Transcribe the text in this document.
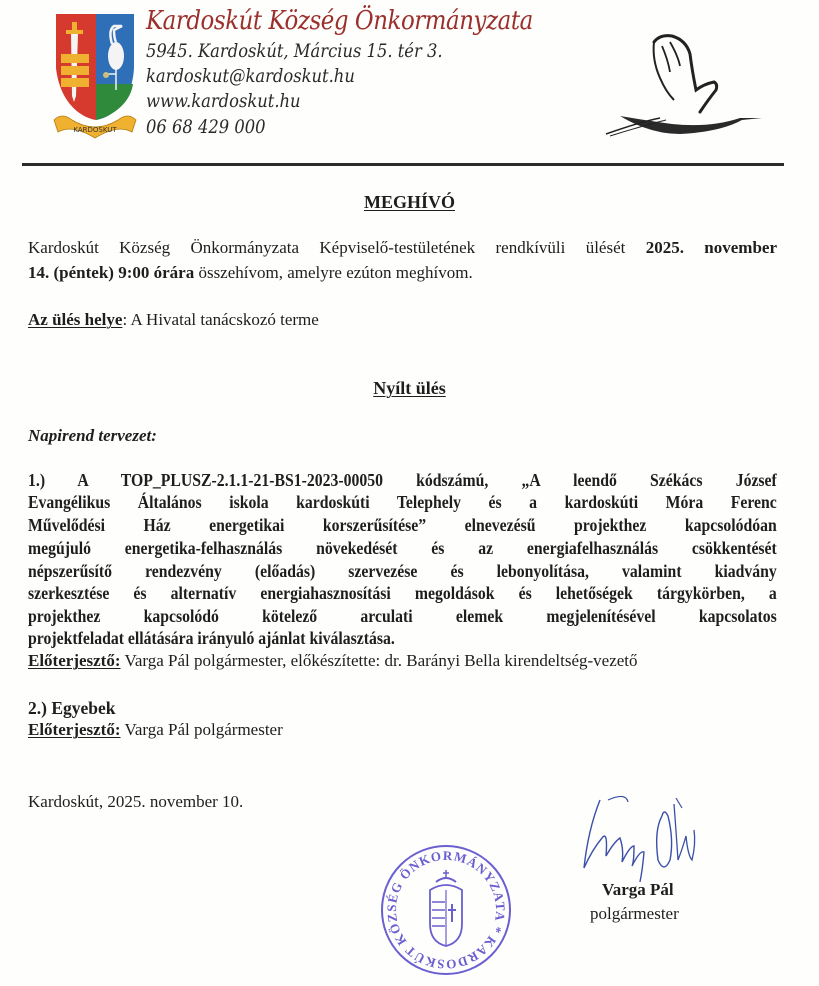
KARDOSKUT
Kardoskút Község Önkormányzata
5945. Kardoskút, Március 15. tér 3.
kardoskut@kardoskut.hu
www.kardoskut.hu
06 68 429 000
MEGHÍVÓ
Kardoskút Község Önkormányzata Képviselő-testületének rendkívüli ülését 2025. november
14. (péntek) 9:00 órára összehívom, amelyre ezúton meghívom.
Az ülés helye: A Hivatal tanácskozó terme
Nyílt ülés
Napirend tervezet:
1.) A TOP_PLUSZ-2.1.1-21-BS1-2023-00050 kódszámú, „A leendő Székács József
Evangélikus Általános iskola kardoskúti Telephely és a kardoskúti Móra Ferenc
Művelődési Ház energetikai korszerűsítése” elnevezésű projekthez kapcsolódóan
megújuló energetika-felhasználás növekedését és az energiafelhasználás csökkentését
népszerűsítő rendezvény (előadás) szervezése és lebonyolítása, valamint kiadvány
szerkesztése és alternatív energiahasznosítási megoldások és lehetőségek tárgykörben, a
projekthez kapcsolódó kötelező arculati elemek megjelenítésével kapcsolatos
projektfeladat ellátására irányuló ajánlat kiválasztása.
Előterjesztő: Varga Pál polgármester, előkészítette: dr. Barányi Bella kirendeltség-vezető
2.) Egyebek
Előterjesztő: Varga Pál polgármester
Kardoskút, 2025. november 10.
KARDOSKÚT KÖZSÉG ÖNKORMÁNYZATA *
Varga Pál
polgármester
